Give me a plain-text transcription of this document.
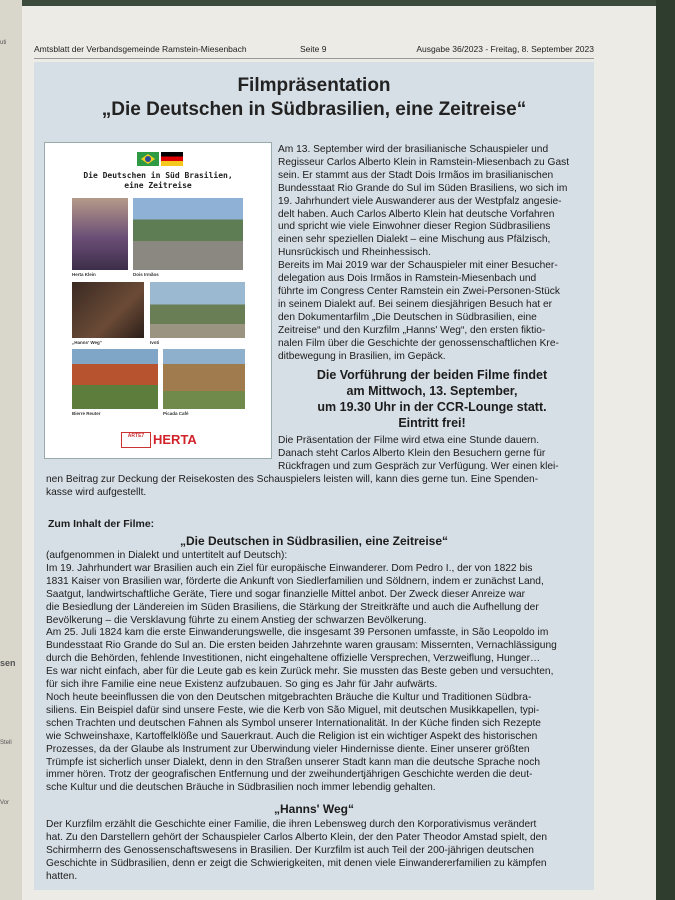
uti
sen
Stell
Vor
Amtsblatt der Verbandsgemeinde Ramstein-Miesenbach	Seite 9	Ausgabe 36/2023 - Freitag, 8. September 2023
Filmpräsentation
„Die Deutschen in Südbrasilien, eine Zeitreise“
Die Deutschen in Süd Brasilien,
eine Zeitreise
Herta Klein	Dois Irmãos
„Hanns' Weg“	Ivoti
Bierre Reuter	Picada Café
ARTE7 HERTA
Am 13. September wird der brasilianische Schauspieler und
Regisseur Carlos Alberto Klein in Ramstein-Miesenbach zu Gast
sein. Er stammt aus der Stadt Dois Irmãos im brasilianischen
Bundesstaat Rio Grande do Sul im Süden Brasiliens, wo sich im
19. Jahrhundert viele Auswanderer aus der Westpfalz angesie-
delt haben. Auch Carlos Alberto Klein hat deutsche Vorfahren
und spricht wie viele Einwohner dieser Region Südbrasiliens
einen sehr speziellen Dialekt – eine Mischung aus Pfälzisch,
Hunsrückisch und Rheinhessisch.
Bereits im Mai 2019 war der Schauspieler mit einer Besucher-
delegation aus Dois Irmãos in Ramstein-Miesenbach und
führte im Congress Center Ramstein ein Zwei-Personen-Stück
in seinem Dialekt auf. Bei seinem diesjährigen Besuch hat er
den Dokumentarfilm „Die Deutschen in Südbrasilien, eine
Zeitreise“ und den Kurzfilm „Hanns' Weg“, den ersten fiktio-
nalen Film über die Geschichte der genossenschaftlichen Kre-
ditbewegung in Brasilien, im Gepäck.
Die Vorführung der beiden Filme findet
am Mittwoch, 13. September,
um 19.30 Uhr in der CCR-Lounge statt.
Eintritt frei!
Die Präsentation der Filme wird etwa eine Stunde dauern.
Danach steht Carlos Alberto Klein den Besuchern gerne für
Rückfragen und zum Gespräch zur Verfügung. Wer einen klei-
nen Beitrag zur Deckung der Reisekosten des Schauspielers leisten will, kann dies gerne tun. Eine Spenden-
kasse wird aufgestellt.
Zum Inhalt der Filme:
„Die Deutschen in Südbrasilien, eine Zeitreise“
(aufgenommen in Dialekt und untertitelt auf Deutsch):
Im 19. Jahrhundert war Brasilien auch ein Ziel für europäische Einwanderer. Dom Pedro I., der von 1822 bis
1831 Kaiser von Brasilien war, förderte die Ankunft von Siedlerfamilien und Söldnern, indem er zunächst Land,
Saatgut, landwirtschaftliche Geräte, Tiere und sogar finanzielle Mittel anbot. Der Zweck dieser Anreize war
die Besiedlung der Ländereien im Süden Brasiliens, die Stärkung der Streitkräfte und auch die Aufhellung der
Bevölkerung – die Versklavung führte zu einem Anstieg der schwarzen Bevölkerung.
Am 25. Juli 1824 kam die erste Einwanderungswelle, die insgesamt 39 Personen umfasste, in São Leopoldo im
Bundesstaat Rio Grande do Sul an. Die ersten beiden Jahrzehnte waren grausam: Missernten, Vernachlässigung
durch die Behörden, fehlende Investitionen, nicht eingehaltene offizielle Versprechen, Verzweiflung, Hunger…
Es war nicht einfach, aber für die Leute gab es kein Zurück mehr. Sie mussten das Beste geben und versuchten,
für sich ihre Familie eine neue Existenz aufzubauen. So ging es Jahr für Jahr aufwärts.
Noch heute beeinflussen die von den Deutschen mitgebrachten Bräuche die Kultur und Traditionen Südbra-
siliens. Ein Beispiel dafür sind unsere Feste, wie die Kerb von São Miguel, mit deutschen Musikkapellen, typi-
schen Trachten und deutschen Fahnen als Symbol unserer Internationalität. In der Küche finden sich Rezepte
wie Schweinshaxe, Kartoffelklöße und Sauerkraut. Auch die Religion ist ein wichtiger Aspekt des historischen
Prozesses, da der Glaube als Instrument zur Überwindung vieler Hindernisse diente. Einer unserer größten
Trümpfe ist sicherlich unser Dialekt, denn in den Straßen unserer Stadt kann man die deutsche Sprache noch
immer hören. Trotz der geografischen Entfernung und der zweihundertjährigen Geschichte werden die deut-
sche Kultur und die deutschen Bräuche in Südbrasilien noch immer lebendig gehalten.
„Hanns' Weg“
Der Kurzfilm erzählt die Geschichte einer Familie, die ihren Lebensweg durch den Korporativismus verändert
hat. Zu den Darstellern gehört der Schauspieler Carlos Alberto Klein, der den Pater Theodor Amstad spielt, den
Schirmherrn des Genossenschaftswesens in Brasilien. Der Kurzfilm ist auch Teil der 200-jährigen deutschen
Geschichte in Südbrasilien, denn er zeigt die Schwierigkeiten, mit denen viele Einwandererfamilien zu kämpfen
hatten.
